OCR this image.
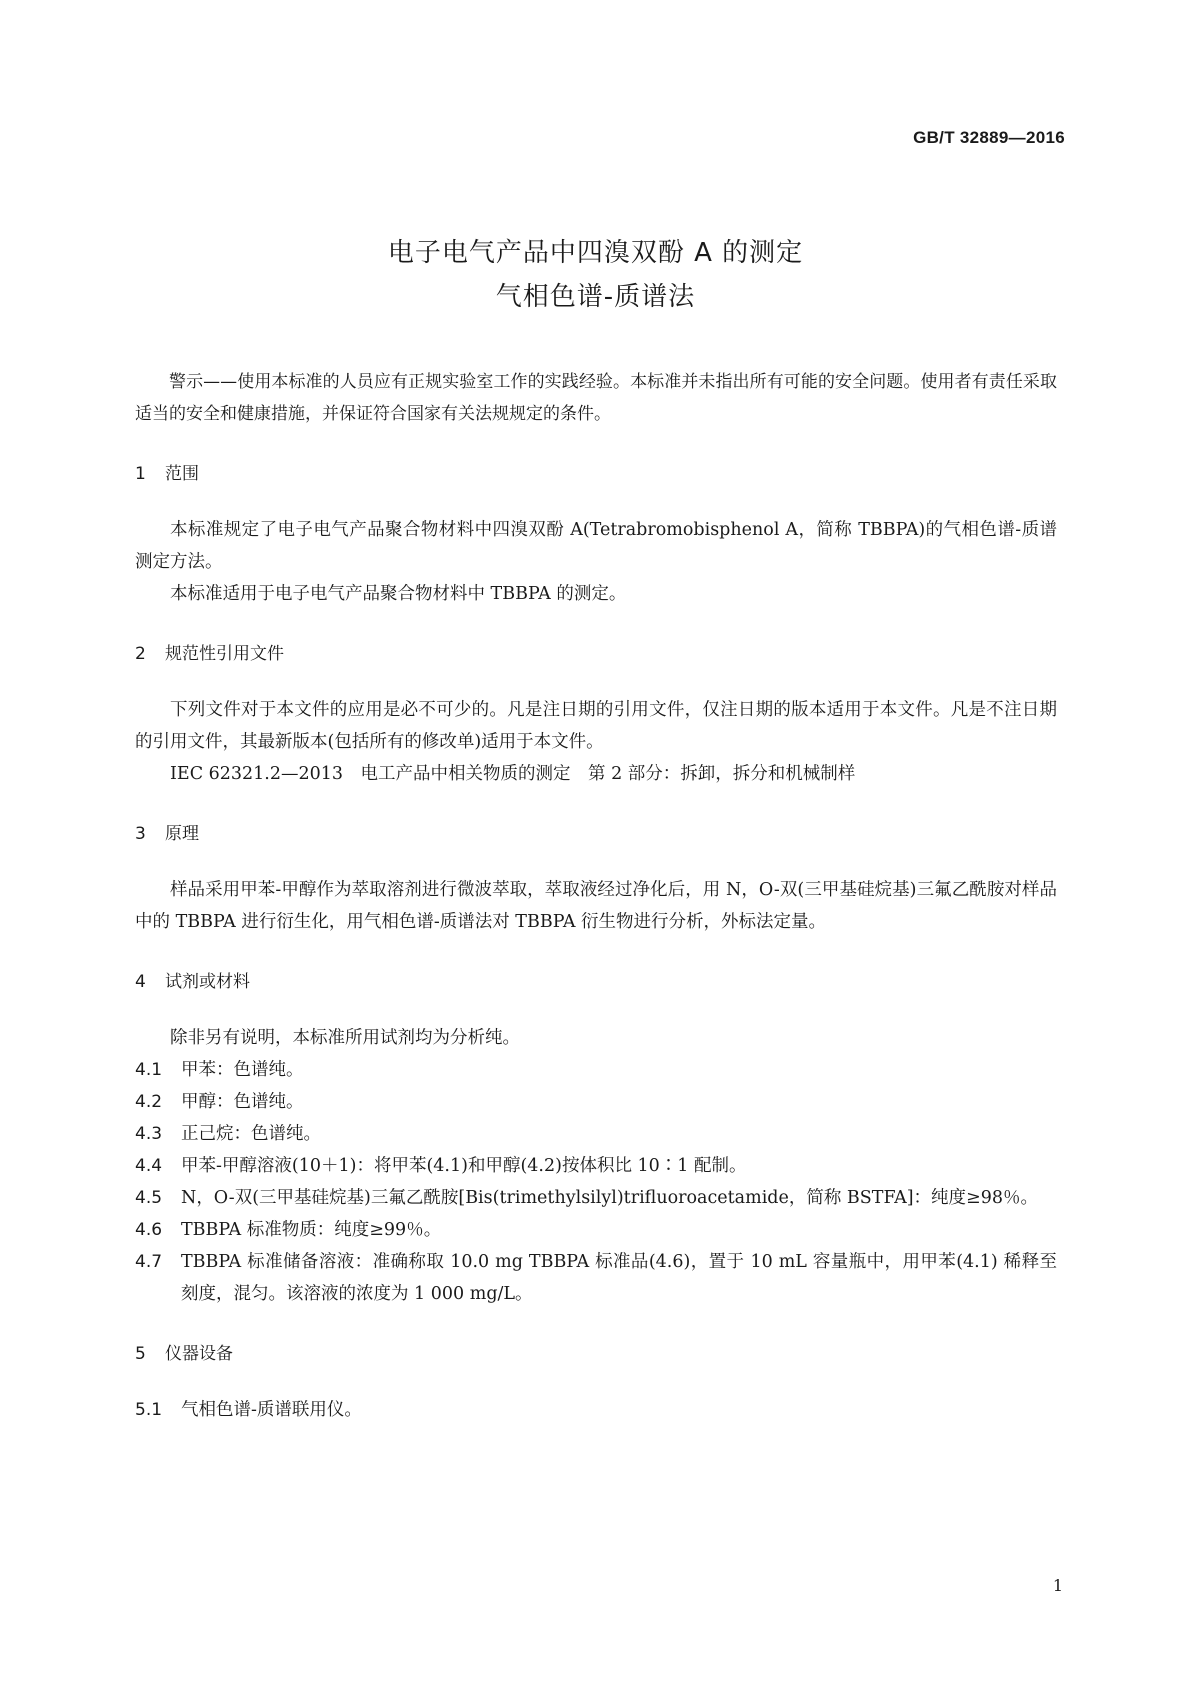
GB/T 32889—2016
电子电气产品中四溴双酚 A 的测定
气相色谱-质谱法

警示——使用本标准的人员应有正规实验室工作的实践经验。本标准并未指出所有可能的安全问题。使用者有责任采取适当的安全和健康措施，并保证符合国家有关法规规定的条件。

1 范围

本标准规定了电子电气产品聚合物材料中四溴双酚 A(Tetrabromobisphenol A，简称 TBBPA)的气相色谱-质谱测定方法。

本标准适用于电子电气产品聚合物材料中 TBBPA 的测定。

2 规范性引用文件

下列文件对于本文件的应用是必不可少的。凡是注日期的引用文件，仅注日期的版本适用于本文件。凡是不注日期的引用文件，其最新版本(包括所有的修改单)适用于本文件。

IEC 62321.2—2013　电工产品中相关物质的测定　第 2 部分：拆卸，拆分和机械制样

3 原理

样品采用甲苯-甲醇作为萃取溶剂进行微波萃取，萃取液经过净化后，用 N，O-双(三甲基硅烷基)三氟乙酰胺对样品中的 TBBPA 进行衍生化，用气相色谱-质谱法对 TBBPA 衍生物进行分析，外标法定量。

4 试剂或材料

除非另有说明，本标准所用试剂均为分析纯。

4.1	甲苯：色谱纯。
4.2	甲醇：色谱纯。
4.3	正己烷：色谱纯。
4.4	甲苯-甲醇溶液(10＋1)：将甲苯(4.1)和甲醇(4.2)按体积比 10∶1 配制。
4.5	N，O-双(三甲基硅烷基)三氟乙酰胺[Bis(trimethylsilyl)trifluoroacetamide，简称 BSTFA]：纯度≥98％。
4.6	TBBPA 标准物质：纯度≥99％。
4.7	TBBPA 标准储备溶液：准确称取 10.0 mg TBBPA 标准品(4.6)，置于 10 mL 容量瓶中，用甲苯(4.1) 稀释至刻度，混匀。该溶液的浓度为 1 000 mg/L。

5 仪器设备

5.1	气相色谱-质谱联用仪。
1
